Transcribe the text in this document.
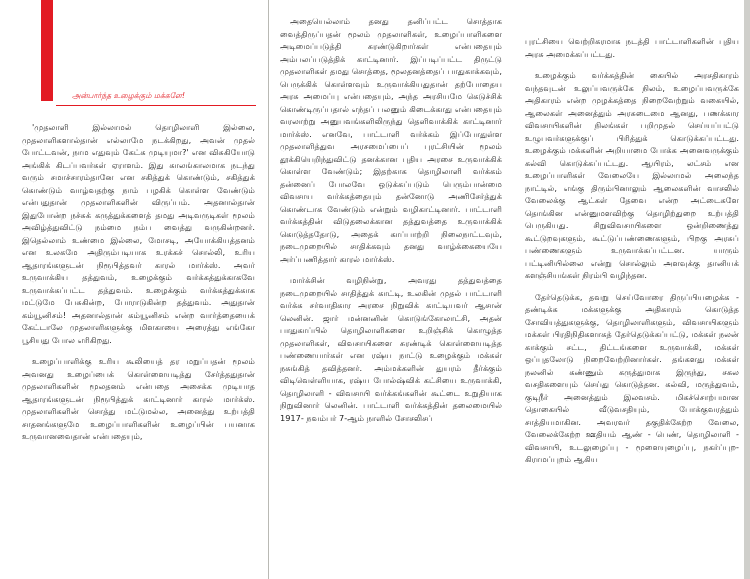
அன்பார்ந்த உழைக்கும் மக்களே!

'முதலாளி இல்லாமல் தொழிலாளி இல்லை, முதலாளிகளால்தான் எல்லாமே நடக்கிறது, அவன் முதல் போட்டவன், நாம எதுவும் கேட்க முடியுமா?' என விசுகியோடு அங்கிக் கிடப்பவர்கள் ஏராளம். இது காலங்காலமாக நடந்து வரும் சமாச்சாரம்தானே என சகித்துக் கொண்டும், சகித்துக் கொண்டும் வாழ்வதற்கு நாம் பழகிக் கொள்ள வேண்டும் என்பதுதான் முதலாளிகளின் விருப்பம். அதனால்தான் இதுபோன்ற நச்சுக் கருத்துக்களைத் தமது அடிவருடிகள் மூலம் அவிழ்த்துவிட்டு நம்மை நம்ப வைத்து வருகின்றனர். இதெல்லாம் உண்மை இல்லை, மோசடி, அயோக்கியத்தனம் என உலகமே அதிரும்படியாக உரக்கச் சொல்லி, உரிய ஆதாரங்களுடன் நிரூபித்தவர் காரல் மார்க்ஸ். அவர் உருவாக்கிய தத்துவம், உழைக்கும் வர்க்கத்துக்காகவே உருவாக்கப்பட்ட தத்துவம். உழைக்கும் வர்க்கத்துக்காக மட்டுமே பேசுகின்ற, போராடுகின்ற தத்துவம். அதுதான் கம்யூனிசம்! அதனால்தான் கம்யூனிசம் என்ற வார்த்தையைக் கேட்டாலே முதலாளிகளுக்கு மிளகாயை அரைத்து எங்கோ பூசியது போல எரிகிறது.

உழைப்பாளிக்கு உரிய கூலியைத் தர மறுப்பதன் மூலம் அவனது உழைப்பைக் கொள்ளையடித்து சேர்த்ததுதான் முதலாளிகளின் மூலதனம் என்பதை அசைக்க முடியாத ஆதாரங்களுடன் நிரூபித்துக் காட்டினார் காரல் மார்க்ஸ். முதலாளிகளின் சொத்து மட்டுமல்ல, அனைத்து உற்பத்தி சாதனங்களுமே உழைப்பாளிகளின் உழைப்பின் பயனாக உருவானவைதான் என்பதையும்,

அதையெல்லாம் தனது தனிப்பட்ட சொத்தாக வைத்திருப்பதன் மூலம் முதலாளிகள், உழைப்பாளிகளை அடிமைப்படுத்தி சுரண்டுகிறார்கள் என்பதையும் அம்பலப்படுத்திக் காட்டினார். இப்படிப்பட்ட திருட்டு முதலாளிகள் தமது சொத்தை, மூலதனத்தைப் பாதுகாக்கவும், பெருக்கிக் கொள்ளவும் உருவாக்கியதுதான் தற்போதைய அரசு அமைப்பு என்பதையும், அந்த அரசியமே கெடுச்சிக் கொண்டிருப்பதால் எந்தப் பலனும் கிடைக்காது என்பதையும் வரலாற்று அனுபவங்களிலிருந்து தெளிவாக்கிக் காட்டினார் மார்க்ஸ். எனவே, பாட்டாளி வர்க்கம் இப்போதுள்ள முதலாளித்துவ அரசமைப்பைப் புரட்சியின் மூலம் தூக்கியெறிந்துவிட்டு தனக்கான புதிய அரசை உருவாக்கிக் கொள்ள வேண்டும்; இதற்காக தொழிலாளி வர்க்கம் தன்னைப் போலவே ஒடுக்கப்படும் பெரும்பான்மை விவசாய வர்க்கத்தையும் தன்னோடு அணிசேர்த்துக் கொண்டாக வேண்டும் என்றும் வழிகாட்டினார். பாட்டாளி வர்க்கத்தின் விடுதலைக்கான தத்துவத்தை உருவாக்கிக் கொடுத்ததோடு, அதைக் காப்பாற்றி நிலைநாட்டவும், நடைமுறையில் சாதிக்கவும் தனது வாழ்க்கையையே அர்ப்பணித்தார் காரல் மார்க்ஸ்.

மார்க்சின் வழிநின்று, அவரது தத்துவத்தை நடைமுறையில் சாதித்துக் காட்டி, உலகின் முதல் பாட்டாளி வர்க்க சர்வாதிகார அரசை நிறுவிக் காட்டியவர் ஆசான் லெனின். ஜார் மன்னனின் கொடுங்கோலாட்சி, அதன் பாதுகாப்பில் தொழிலாளிகளை உறிஞ்சிக் கொழுத்த முதலாளிகள், விவசாயிகளை சுரண்டிக் கொள்ளையடித்த பண்ணையார்கள் என ரஷ்ய நாட்டு உழைக்கும் மக்கள் நசுங்கித் தவித்தனர். அம்மக்களின் துயரம் தீர்க்கும் விடிவெள்ளியாக, ரஷ்ய போல்ஷ்விக் கட்சியை உருவாக்கி, தொழிலாளி - விவசாயி வர்க்கங்களின் கூட்டை உறுதியாக நிறுவினார் லெனின். பாட்டாளி வர்க்கத்தின் தலைமையில் 1917- நவம்பர் 7-ஆம் நாளில் சோசலிசப்

புரட்சியை வெற்றிகரமாக நடத்தி பாட்டாளிகளின் புதிய அரசு அமைக்கப்பட்டது.

உழைக்கும் வர்க்கத்தின் கையில் அரசதிகாரம் வந்தவுடன் உலுப்பவருக்கே நிலம், உழைப்பவருக்கே அதிகாரம் என்ற முழக்கத்தை நிறைவேற்றும் வகையில், ஆலைகள் அனைத்தும் அரசுடைமை ஆனது, பணக்கார விவசாயிகளின் நிலங்கள் பறிமுதல் செய்யப்பட்டு உழுபவர்களுக்குப் பிரித்துக் கொடுக்கப்பட்டது. உழைக்கும் மக்களின் அறியாமை போக்க அனைவருக்கும் கல்வி கொடுக்கப்பட்டது. ஆயிரம், லட்சம் என உழைப்பாளிகள் வேலையே இல்லாமல் அலைந்த நாட்டில், எங்கு திரும்பினாலும் ஆலைகளின் வாசலில் வேலைக்கு ஆட்கள் தேவை என்ற அட்டைகளே தொங்கின என்னுமளவிற்கு தொழிற்துறை உற்பத்தி பெருகியது. சிறுவிவசாயிகளை ஒன்றிணைத்து கூட்டுறவுகளும், கூட்டுப்பண்ணைகளும், பிறகு அரசுப் பண்ணைகளும் உருவாக்கப்பட்டன. யாரும் பட்டினியில்லை என்று சொல்லும் அளவுக்கு தானியக் களஞ்சியங்கள் நிரம்பி வழிந்தன.

தேர்தெடுக்க, தவறு செய்வோரை திருப்பியழைக்க - தண்டிக்க மக்களுக்கு அதிகாரம் கொடுத்த சோவியத்துகளுக்கு, தொழிலாளிகளும், விவசாயிகளும் மக்கள் பிரதிநிதிகளாகத் தேர்தெடுக்கப்பட்டு, மக்கள் நலன் காக்கும் சட்ட, திட்டங்களை உருவாக்கி, மக்கள் ஒப்புதலோடு நிறைவேற்றினார்கள். தங்களது மக்கள் நலனில் கண்ணும் கருத்துமாக இருந்து, சகல வசதிகளையும் செய்து கொடுத்தன. கல்வி, மருத்துவம், குடிநீர் அனைத்தும் இலவசம். மிகச்சொற்பமான தொகையில் வீடுவசதியும், போக்குவரத்தும் சாத்தியமாகின. அவரவர் தகுதிக்கேற்ற வேலை, வேலைக்கேற்ற ஊதியம் ஆண் - பெண், தொழிலாளி - விவசாயி, உடலுழைப்பு - மூளையுழைப்பு, நகர்ப்புற-கிராமப்புறம் ஆகிய
